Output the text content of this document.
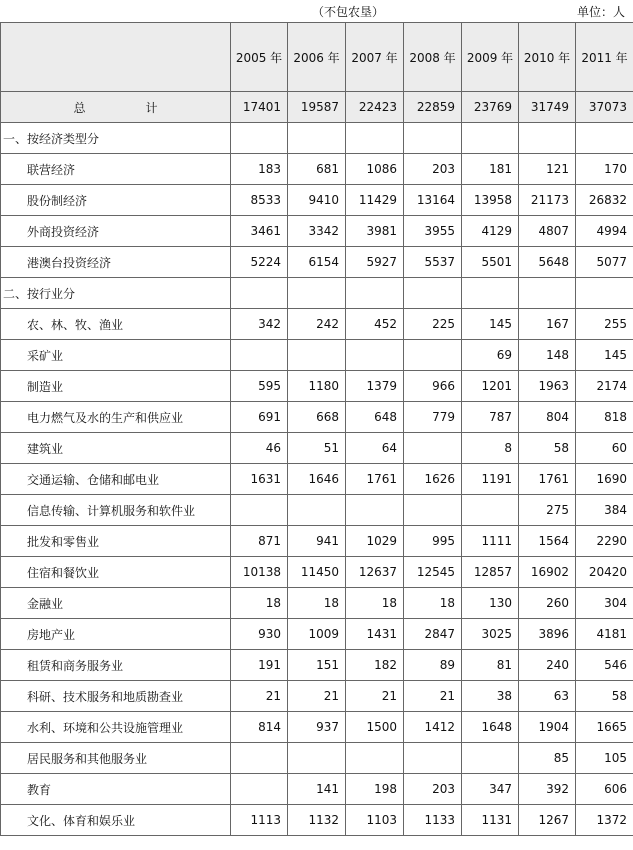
（不包农垦）	单位：人
	2005 年	2006 年	2007 年	2008 年	2009 年	2010 年	2011 年
总 计	17401	19587	22423	22859	23769	31749	37073
一、按经济类型分							
联营经济	183	681	1086	203	181	121	170
股份制经济	8533	9410	11429	13164	13958	21173	26832
外商投资经济	3461	3342	3981	3955	4129	4807	4994
港澳台投资经济	5224	6154	5927	5537	5501	5648	5077
二、按行业分							
农、林、牧、渔业	342	242	452	225	145	167	255
采矿业					69	148	145
制造业	595	1180	1379	966	1201	1963	2174
电力燃气及水的生产和供应业	691	668	648	779	787	804	818
建筑业	46	51	64		8	58	60
交通运输、仓储和邮电业	1631	1646	1761	1626	1191	1761	1690
信息传输、计算机服务和软件业						275	384
批发和零售业	871	941	1029	995	1111	1564	2290
住宿和餐饮业	10138	11450	12637	12545	12857	16902	20420
金融业	18	18	18	18	130	260	304
房地产业	930	1009	1431	2847	3025	3896	4181
租赁和商务服务业	191	151	182	89	81	240	546
科研、技术服务和地质勘查业	21	21	21	21	38	63	58
水利、环境和公共设施管理业	814	937	1500	1412	1648	1904	1665
居民服务和其他服务业						85	105
教育		141	198	203	347	392	606
文化、体育和娱乐业	1113	1132	1103	1133	1131	1267	1372
